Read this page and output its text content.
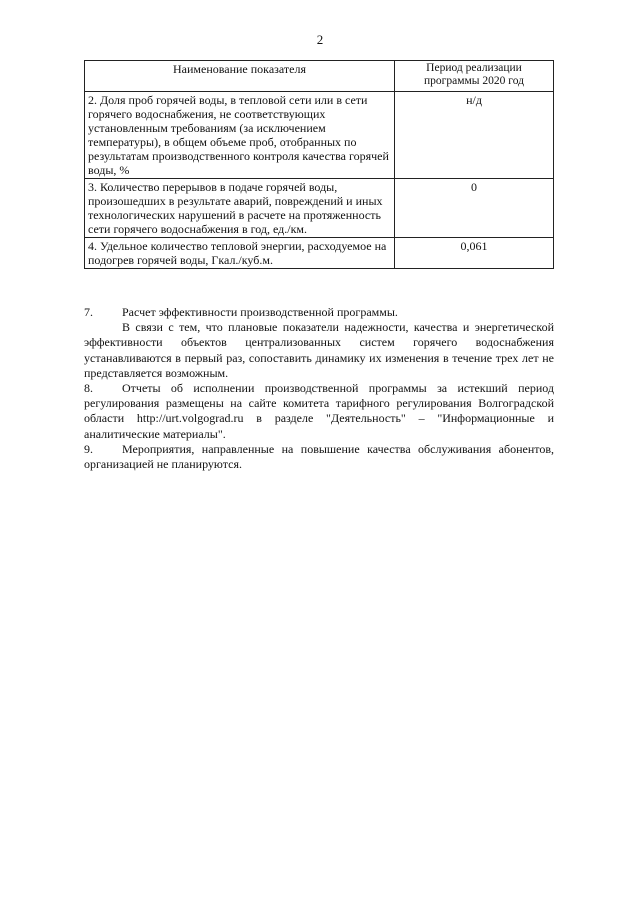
2
Наименование показателя	Период реализации программы 2020 год
2. Доля проб горячей воды, в тепловой сети или в сети горячего водоснабжения, не соответствующих установленным требованиям (за исключением температуры), в общем объеме проб, отобранных по результатам производственного контроля качества горячей воды, %	н/д
3. Количество перерывов в подаче горячей воды, произошедших в результате аварий, повреждений и иных технологических нарушений в расчете на протяженность сети горячего водоснабжения в год, ед./км.	0
4. Удельное количество тепловой энергии, расходуемое на подогрев горячей воды, Гкал./куб.м.	0,061

7. Расчет эффективности производственной программы.

В связи с тем, что плановые показатели надежности, качества и энергетической эффективности объектов централизованных систем горячего водоснабжения устанавливаются в первый раз, сопоставить динамику их изменения в течение трех лет не представляется возможным.

8. Отчеты об исполнении производственной программы за истекший период регулирования размещены на сайте комитета тарифного регулирования Волгоградской области http://urt.volgograd.ru в разделе "Деятельность" – "Информационные и аналитические материалы".

9. Мероприятия, направленные на повышение качества обслуживания абонентов, организацией не планируются.
